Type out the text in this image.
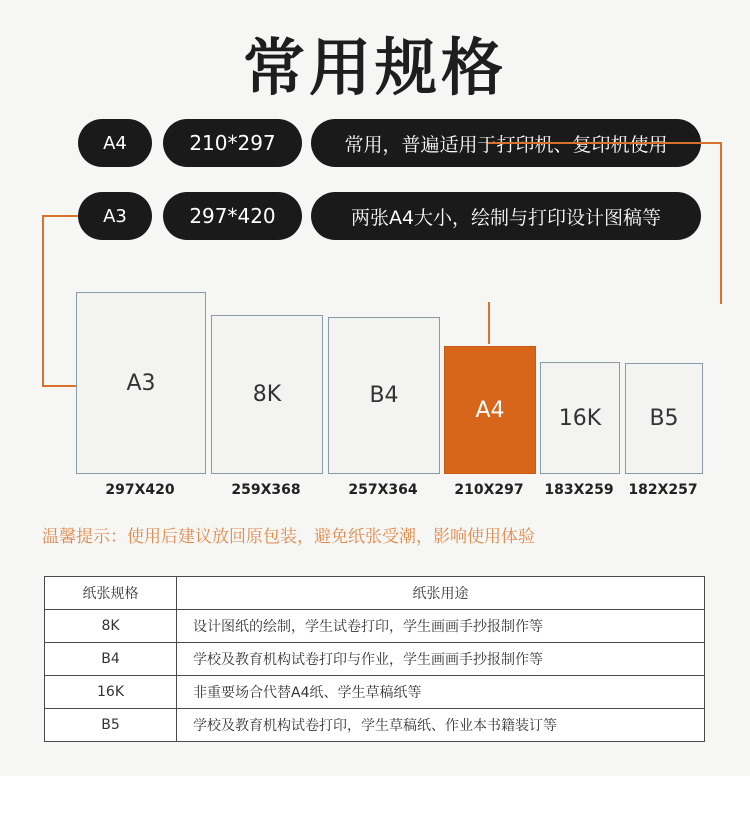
常用规格
A4	210*297	常用，普遍适用于打印机、复印机使用
A3	297*420	两张A4大小，绘制与打印设计图稿等
A3	8K	B4
A4 16K B5
297X420	259X368	257X364	210X297	183X259	182X257
温馨提示：使用后建议放回原包装，避免纸张受潮，影响使用体验
纸张规格	纸张用途
8K	设计图纸的绘制，学生试卷打印，学生画画手抄报制作等
B4	学校及教育机构试卷打印与作业，学生画画手抄报制作等
16K	非重要场合代替A4纸、学生草稿纸等
B5	学校及教育机构试卷打印，学生草稿纸、作业本书籍装订等
